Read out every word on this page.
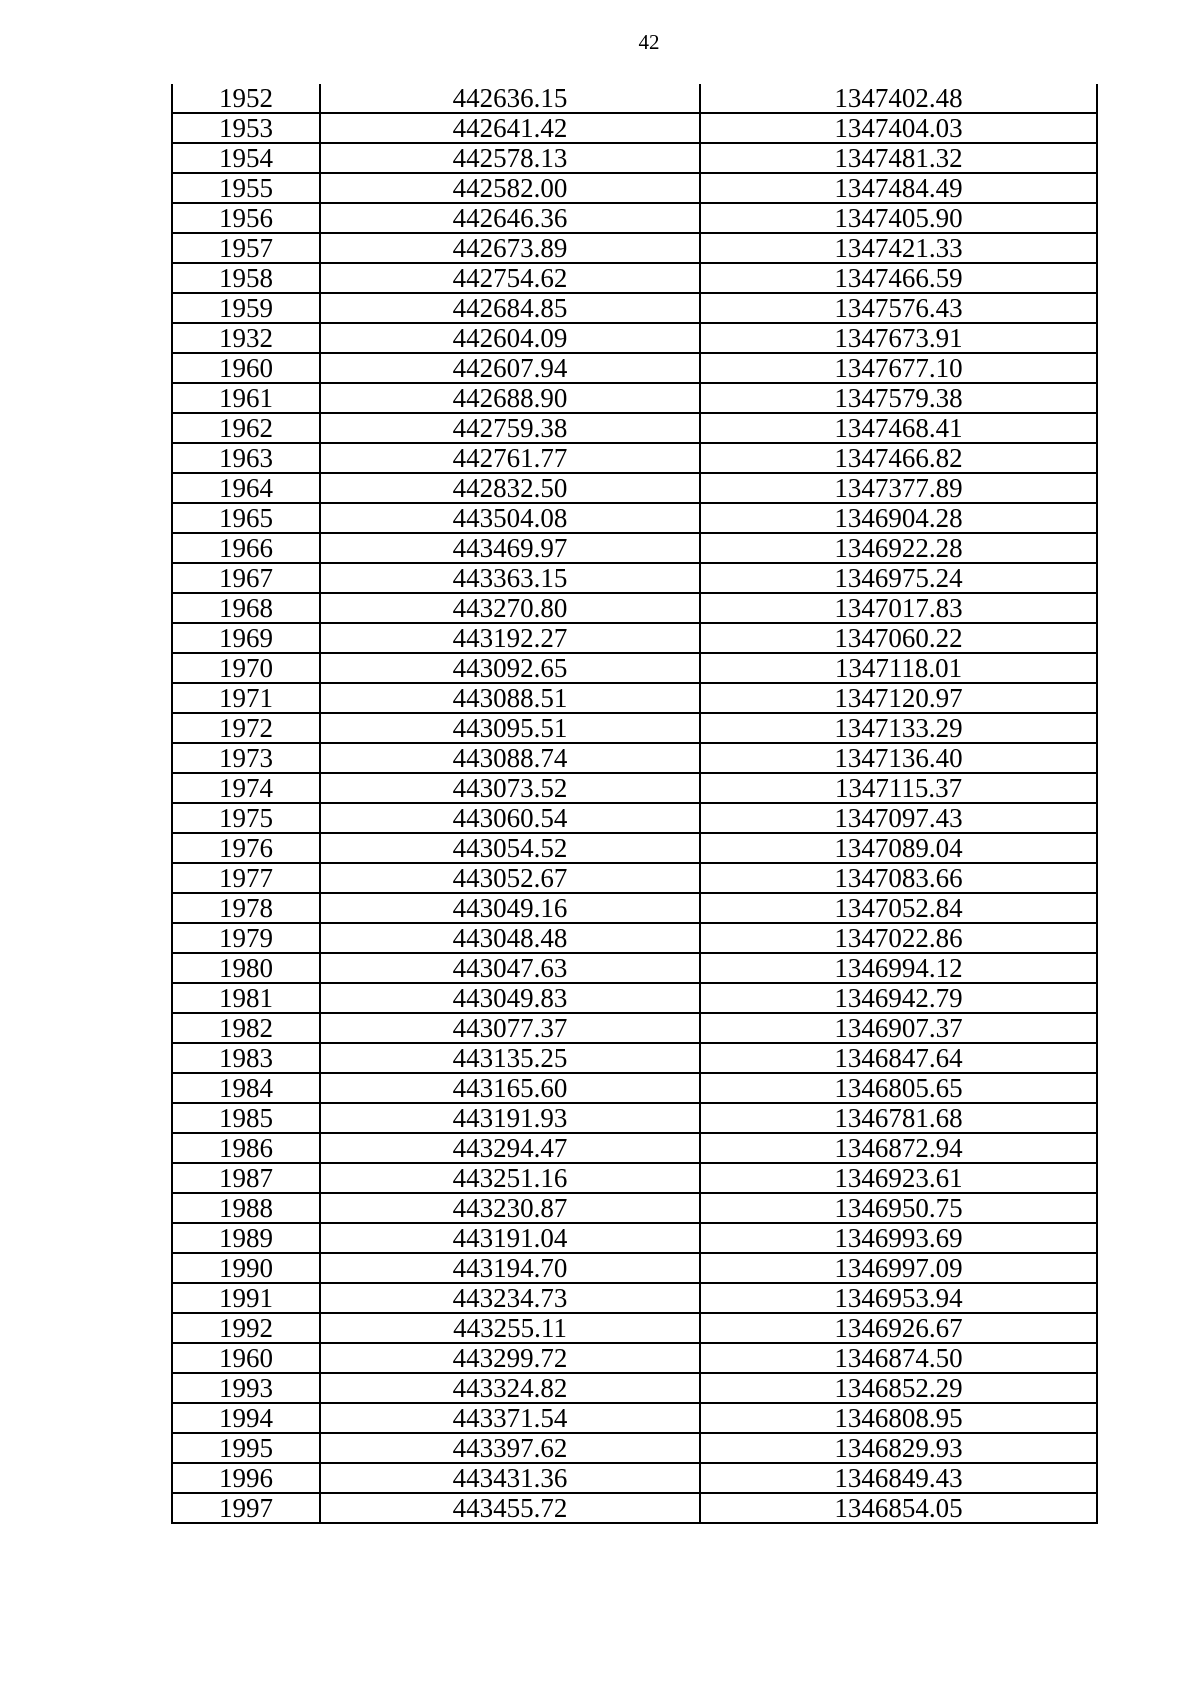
42
1952	442636.15	1347402.48
1953	442641.42	1347404.03
1954	442578.13	1347481.32
1955	442582.00	1347484.49
1956	442646.36	1347405.90
1957	442673.89	1347421.33
1958	442754.62	1347466.59
1959	442684.85	1347576.43
1932	442604.09	1347673.91
1960	442607.94	1347677.10
1961	442688.90	1347579.38
1962	442759.38	1347468.41
1963	442761.77	1347466.82
1964	442832.50	1347377.89
1965	443504.08	1346904.28
1966	443469.97	1346922.28
1967	443363.15	1346975.24
1968	443270.80	1347017.83
1969	443192.27	1347060.22
1970	443092.65	1347118.01
1971	443088.51	1347120.97
1972	443095.51	1347133.29
1973	443088.74	1347136.40
1974	443073.52	1347115.37
1975	443060.54	1347097.43
1976	443054.52	1347089.04
1977	443052.67	1347083.66
1978	443049.16	1347052.84
1979	443048.48	1347022.86
1980	443047.63	1346994.12
1981	443049.83	1346942.79
1982	443077.37	1346907.37
1983	443135.25	1346847.64
1984	443165.60	1346805.65
1985	443191.93	1346781.68
1986	443294.47	1346872.94
1987	443251.16	1346923.61
1988	443230.87	1346950.75
1989	443191.04	1346993.69
1990	443194.70	1346997.09
1991	443234.73	1346953.94
1992	443255.11	1346926.67
1960	443299.72	1346874.50
1993	443324.82	1346852.29
1994	443371.54	1346808.95
1995	443397.62	1346829.93
1996	443431.36	1346849.43
1997	443455.72	1346854.05
